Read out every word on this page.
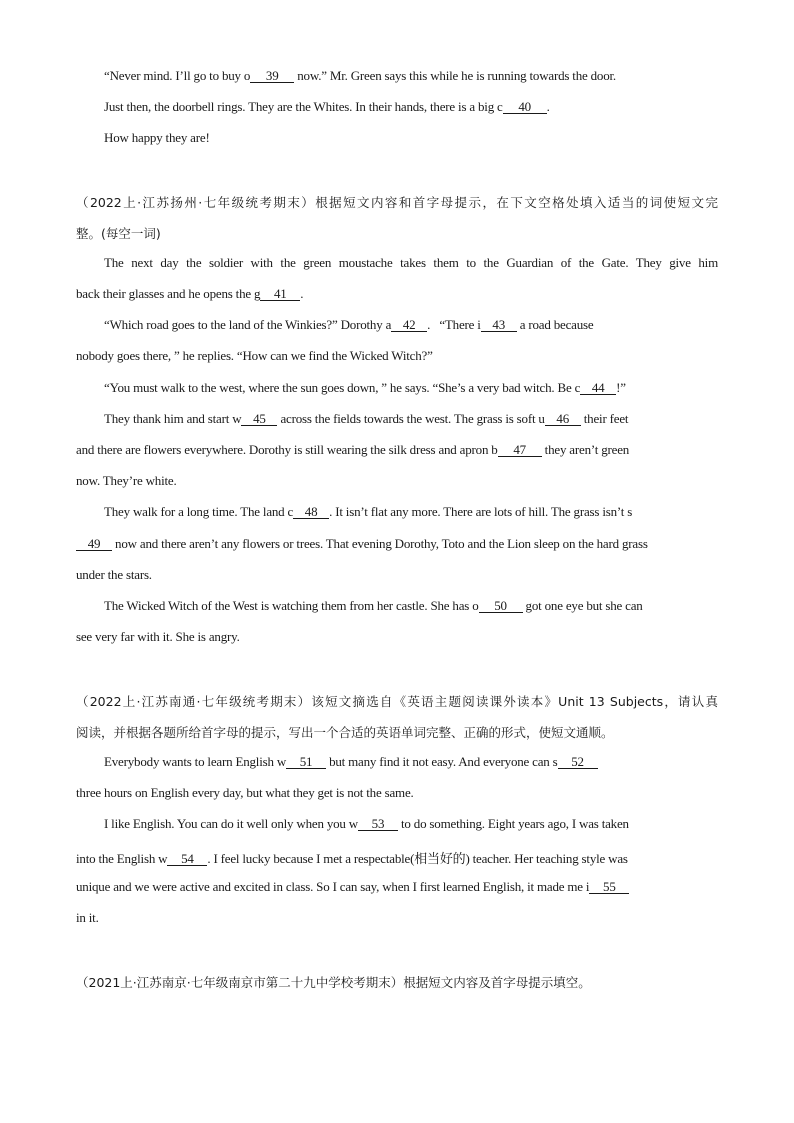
“Never mind. I’ll go to buy o 39 now.” Mr. Green says this while he is running towards the door.
Just then, the doorbell rings. They are the Whites. In their hands, there is a big c 40 .
How happy they are!
（2022上·江苏扬州·七年级统考期末）根据短文内容和首字母提示，在下文空格处填入适当的词使短文完
整。(每空一词)
The next day the soldier with the green moustache takes them to the Guardian of the Gate. They give him
back their glasses and he opens the g 41 .
“Which road goes to the land of the Winkies?” Dorothy a 42 .   “There i 43 a road because
nobody goes there, ” he replies. “How can we find the Wicked Witch?”
“You must walk to the west, where the sun goes down, ” he says. “She’s a very bad witch. Be c 44 !”
They thank him and start w 45 across the fields towards the west. The grass is soft u 46 their feet
and there are flowers everywhere. Dorothy is still wearing the silk dress and apron b 47 they aren’t green
now. They’re white.
They walk for a long time. The land c 48 . It isn’t flat any more. There are lots of hill. The grass isn’t s
49 now and there aren’t any flowers or trees. That evening Dorothy, Toto and the Lion sleep on the hard grass
under the stars.
The Wicked Witch of the West is watching them from her castle. She has o 50 got one eye but she can
see very far with it. She is angry.
（2022上·江苏南通·七年级统考期末）该短文摘选自《英语主题阅读课外读本》Unit 13 Subjects，请认真
阅读，并根据各题所给首字母的提示，写出一个合适的英语单词完整、正确的形式，使短文通顺。
Everybody wants to learn English w 51 but many find it not easy. And everyone can s 52
three hours on English every day, but what they get is not the same.
I like English. You can do it well only when you w 53 to do something. Eight years ago, I was taken
into the English w 54 . I feel lucky because I met a respectable(相当好的) teacher. Her teaching style was
unique and we were active and excited in class. So I can say, when I first learned English, it made me i 55
in it.
（2021上·江苏南京·七年级南京市第二十九中学校考期末）根据短文内容及首字母提示填空。
